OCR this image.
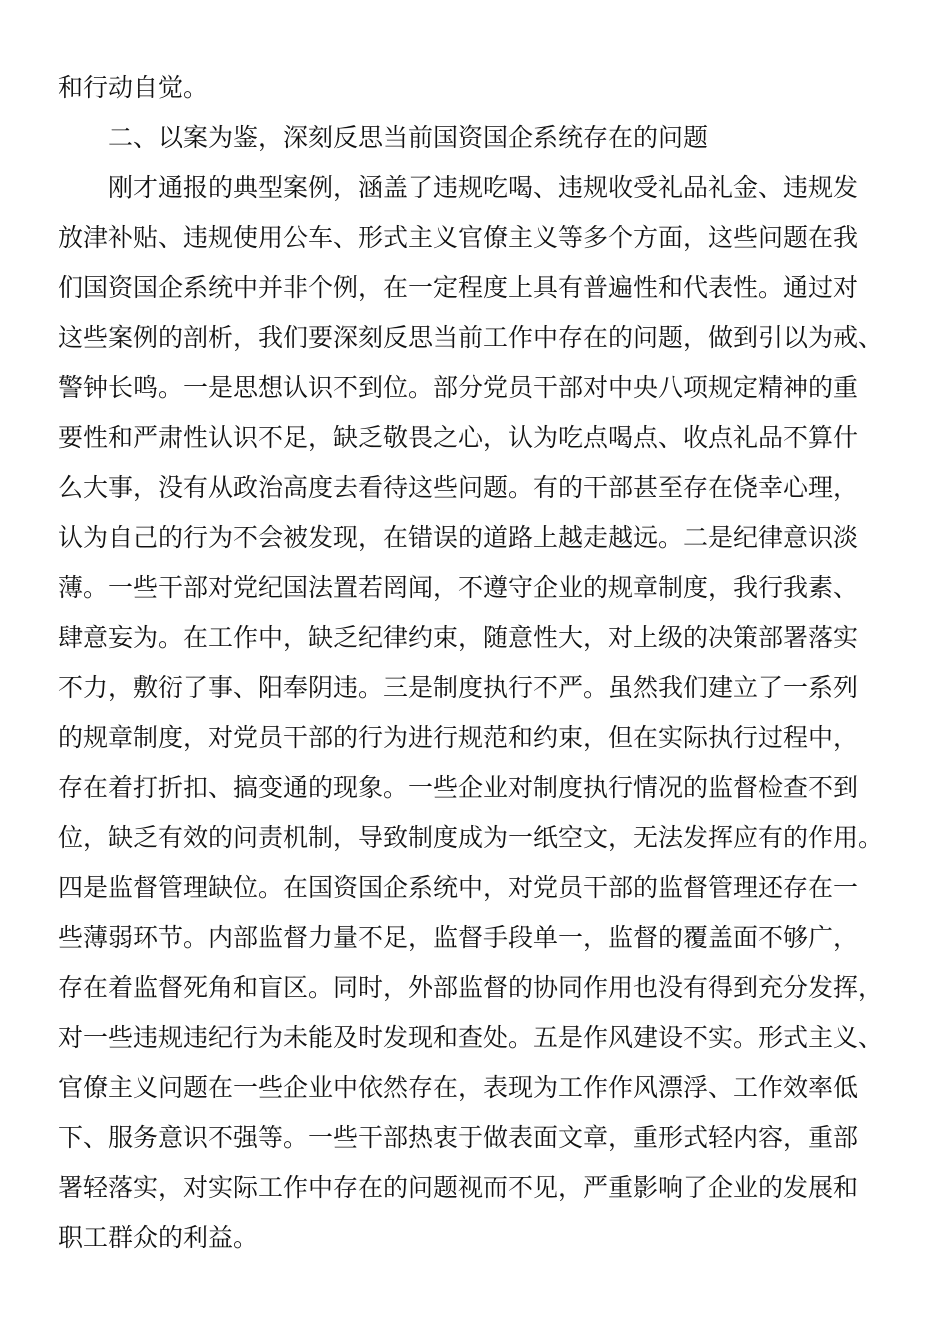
和行动自觉。
二、以案为鉴，深刻反思当前国资国企系统存在的问题
刚才通报的典型案例，涵盖了违规吃喝、违规收受礼品礼金、违规发
放津补贴、违规使用公车、形式主义官僚主义等多个方面，这些问题在我
们国资国企系统中并非个例，在一定程度上具有普遍性和代表性。通过对
这些案例的剖析，我们要深刻反思当前工作中存在的问题，做到引以为戒、
警钟长鸣。一是思想认识不到位。部分党员干部对中央八项规定精神的重
要性和严肃性认识不足，缺乏敬畏之心，认为吃点喝点、收点礼品不算什
么大事，没有从政治高度去看待这些问题。有的干部甚至存在侥幸心理，
认为自己的行为不会被发现，在错误的道路上越走越远。二是纪律意识淡
薄。一些干部对党纪国法置若罔闻，不遵守企业的规章制度，我行我素、
肆意妄为。在工作中，缺乏纪律约束，随意性大，对上级的决策部署落实
不力，敷衍了事、阳奉阴违。三是制度执行不严。虽然我们建立了一系列
的规章制度，对党员干部的行为进行规范和约束，但在实际执行过程中，
存在着打折扣、搞变通的现象。一些企业对制度执行情况的监督检查不到
位，缺乏有效的问责机制，导致制度成为一纸空文，无法发挥应有的作用。
四是监督管理缺位。在国资国企系统中，对党员干部的监督管理还存在一
些薄弱环节。内部监督力量不足，监督手段单一，监督的覆盖面不够广，
存在着监督死角和盲区。同时，外部监督的协同作用也没有得到充分发挥，
对一些违规违纪行为未能及时发现和查处。五是作风建设不实。形式主义、
官僚主义问题在一些企业中依然存在，表现为工作作风漂浮、工作效率低
下、服务意识不强等。一些干部热衷于做表面文章，重形式轻内容，重部
署轻落实，对实际工作中存在的问题视而不见，严重影响了企业的发展和
职工群众的利益。
